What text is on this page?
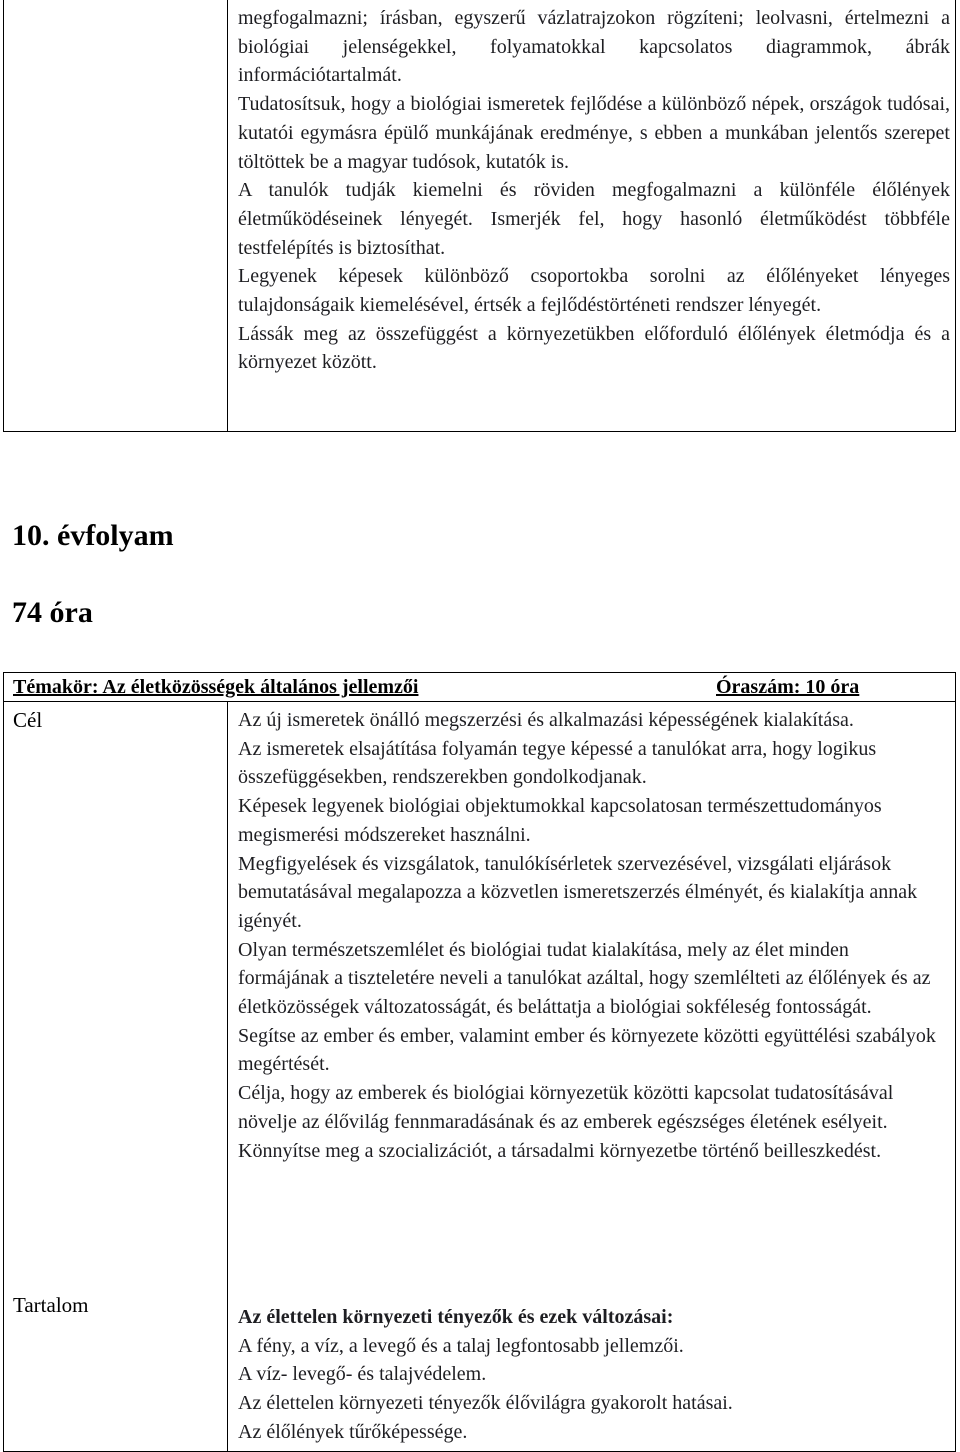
megfogalmazni; írásban, egyszerű vázlatrajzokon rögzíteni; leolvasni, értelmezni a biológiai jelenségekkel, folyamatokkal kapcsolatos diagrammok, ábrák információtartalmát.

Tudatosítsuk, hogy a biológiai ismeretek fejlődése a különböző népek, országok tudósai, kutatói egymásra épülő munkájának eredménye, s ebben a munkában jelentős szerepet töltöttek be a magyar tudósok, kutatók is.

A tanulók tudják kiemelni és röviden megfogalmazni a különféle élőlények életműködéseinek lényegét. Ismerjék fel, hogy hasonló életműködést többféle testfelépítés is biztosíthat.

Legyenek képesek különböző csoportokba sorolni az élőlényeket lényeges tulajdonságaik kiemelésével, értsék a fejlődéstörténeti rendszer lényegét.

Lássák meg az összefüggést a környezetükben előforduló élőlények életmódja és a környezet között.

10. évfolyam
74 óra
Témakör: Az életközösségek általános jellemzői	Óraszám: 10 óra
Cél	Az új ismeretek önálló megszerzési és alkalmazási képességének kialakítása.

Az ismeretek elsajátítása folyamán tegye képessé a tanulókat arra, hogy logikus összefüggésekben, rendszerekben gondolkodjanak.

Képesek legyenek biológiai objektumokkal kapcsolatosan természettudományos megismerési módszereket használni.

Megfigyelések és vizsgálatok, tanulókísérletek szervezésével, vizsgálati eljárások bemutatásával megalapozza a közvetlen ismeretszerzés élményét, és kialakítja annak igényét.

Olyan természetszemlélet és biológiai tudat kialakítása, mely az élet minden formájának a tiszteletére neveli a tanulókat azáltal, hogy szemlélteti az élőlények és az életközösségek változatosságát, és beláttatja a biológiai sokféleség fontosságát.

Segítse az ember és ember, valamint ember és környezete közötti együttélési szabályok megértését.

Célja, hogy az emberek és biológiai környezetük közötti kapcsolat tudatosításával növelje az élővilág fennmaradásának és az emberek egészséges életének esélyeit.

Könnyítse meg a szocializációt, a társadalmi környezetbe történő beilleszkedést.

Tartalom	Az élettelen környezeti tényezők és ezek változásai:

A fény, a víz, a levegő és a talaj legfontosabb jellemzői.

A víz- levegő- és talajvédelem.

Az élettelen környezeti tényezők élővilágra gyakorolt hatásai.

Az élőlények tűrőképessége.
